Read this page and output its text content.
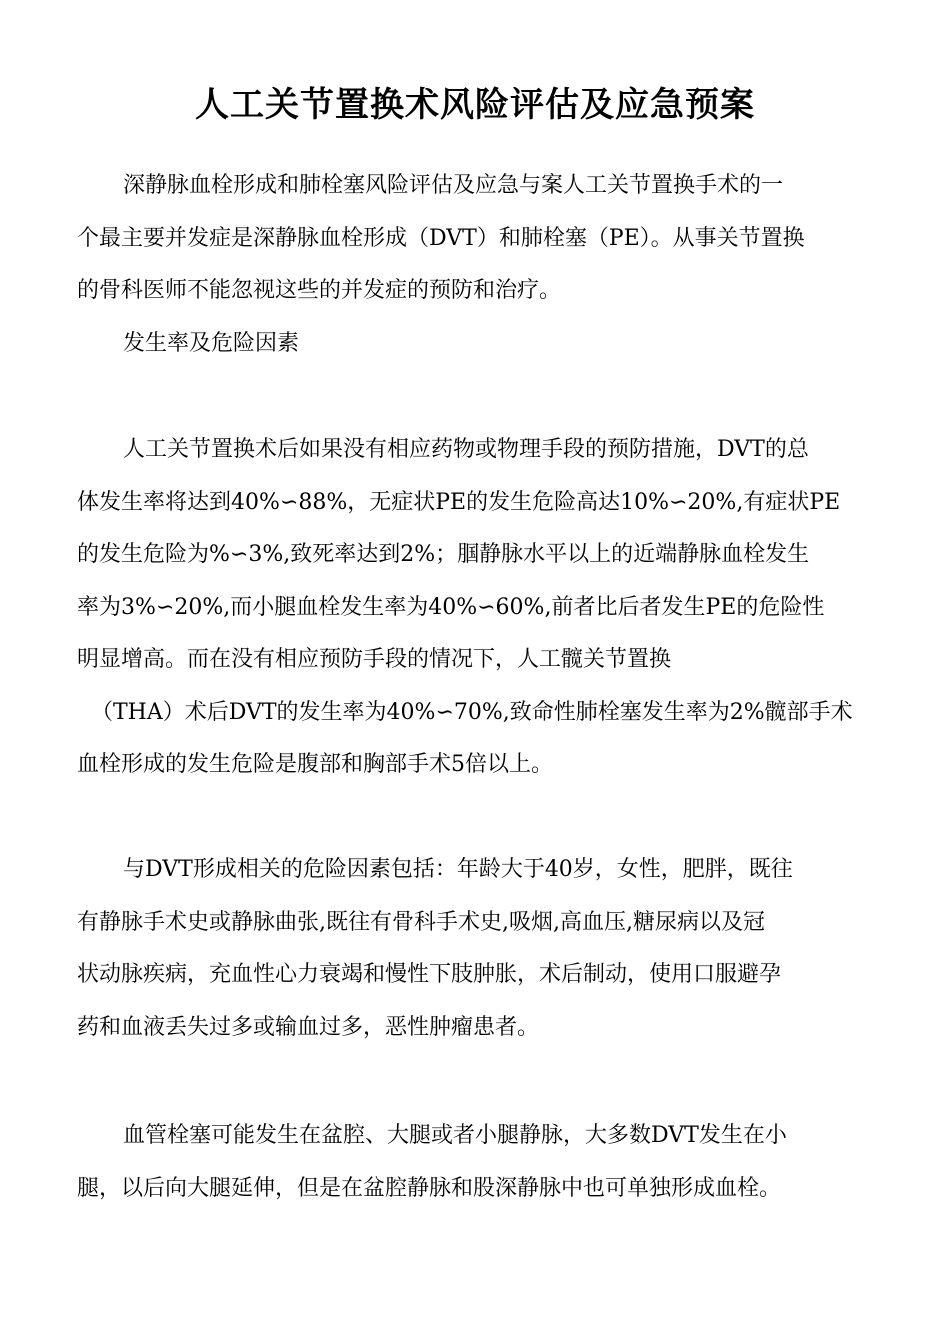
人工关节置换术风险评估及应急预案
深静脉血栓形成和肺栓塞风险评估及应急与案人工关节置换手术的一
个最主要并发症是深静脉血栓形成（DVT）和肺栓塞（PE）。从事关节置换
的骨科医师不能忽视这些的并发症的预防和治疗。
发生率及危险因素
人工关节置换术后如果没有相应药物或物理手段的预防措施，DVT的总
体发生率将达到40%∽88%，无症状PE的发生危险高达10%∽20%,有症状PE
的发生危险为%∽3%,致死率达到2%；腘静脉水平以上的近端静脉血栓发生
率为3%∽20%,而小腿血栓发生率为40%∽60%,前者比后者发生PE的危险性
明显增高。而在没有相应预防手段的情况下，人工髋关节置换
（THA）术后DVT的发生率为40%∽70%,致命性肺栓塞发生率为2%髋部手术
血栓形成的发生危险是腹部和胸部手术5倍以上。
与DVT形成相关的危险因素包括：年龄大于40岁，女性，肥胖，既往
有静脉手术史或静脉曲张,既往有骨科手术史,吸烟,高血压,糖尿病以及冠
状动脉疾病，充血性心力衰竭和慢性下肢肿胀，术后制动，使用口服避孕
药和血液丢失过多或输血过多，恶性肿瘤患者。
血管栓塞可能发生在盆腔、大腿或者小腿静脉，大多数DVT发生在小
腿，以后向大腿延伸，但是在盆腔静脉和股深静脉中也可单独形成血栓。
